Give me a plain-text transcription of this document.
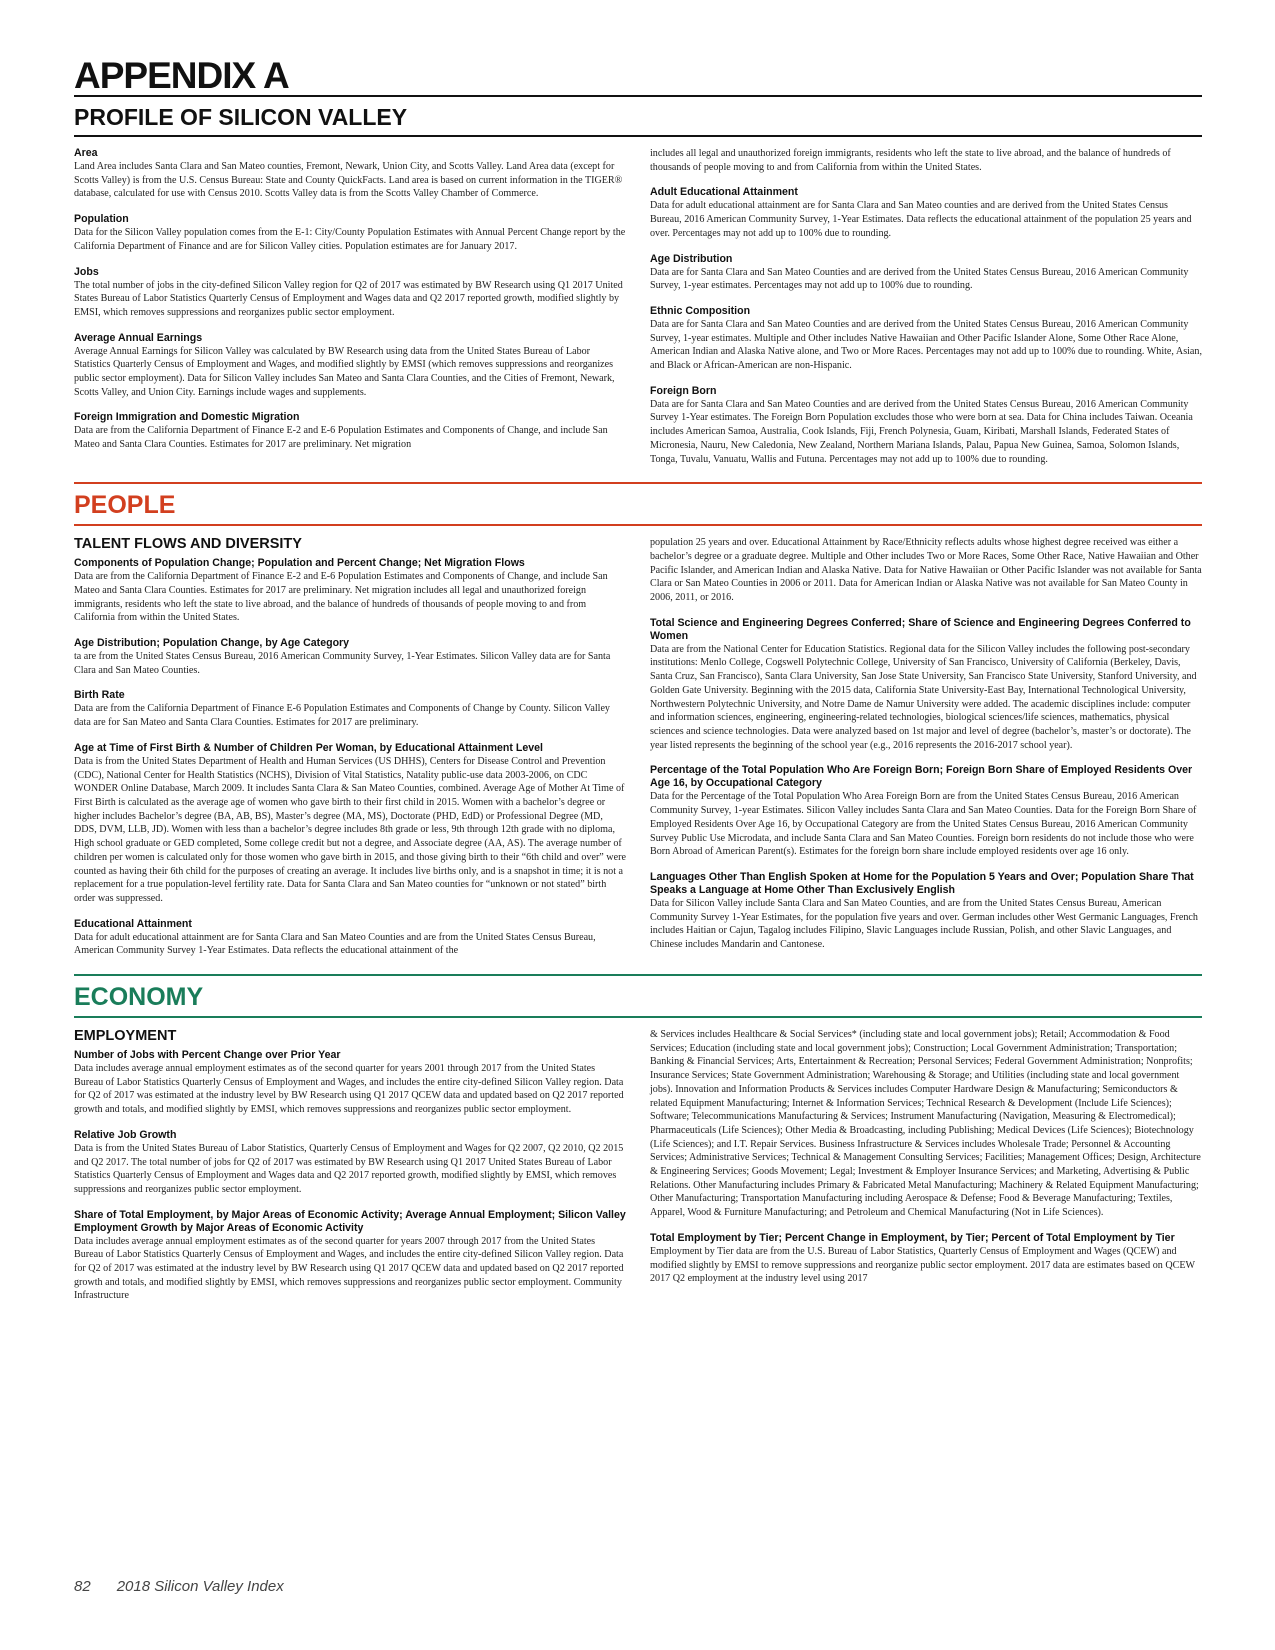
APPENDIX A
PROFILE OF SILICON VALLEY
Area

Land Area includes Santa Clara and San Mateo counties, Fremont, Newark, Union City, and Scotts Valley. Land Area data (except for Scotts Valley) is from the U.S. Census Bureau: State and County QuickFacts. Land area is based on current information in the TIGER® database, calculated for use with Census 2010. Scotts Valley data is from the Scotts Valley Chamber of Commerce.

Population

Data for the Silicon Valley population comes from the E-1: City/County Population Estimates with Annual Percent Change report by the California Department of Finance and are for Silicon Valley cities. Population estimates are for January 2017.

Jobs

The total number of jobs in the city-defined Silicon Valley region for Q2 of 2017 was estimated by BW Research using Q1 2017 United States Bureau of Labor Statistics Quarterly Census of Employment and Wages data and Q2 2017 reported growth, modified slightly by EMSI, which removes suppressions and reorganizes public sector employment.

Average Annual Earnings

Average Annual Earnings for Silicon Valley was calculated by BW Research using data from the United States Bureau of Labor Statistics Quarterly Census of Employment and Wages, and modified slightly by EMSI (which removes suppressions and reorganizes public sector employment). Data for Silicon Valley includes San Mateo and Santa Clara Counties, and the Cities of Fremont, Newark, Scotts Valley, and Union City. Earnings include wages and supplements.

Foreign Immigration and Domestic Migration

Data are from the California Department of Finance E-2 and E-6 Population Estimates and Components of Change, and include San Mateo and Santa Clara Counties. Estimates for 2017 are preliminary. Net migration

includes all legal and unauthorized foreign immigrants, residents who left the state to live abroad, and the balance of hundreds of thousands of people moving to and from California from within the United States.

Adult Educational Attainment

Data for adult educational attainment are for Santa Clara and San Mateo counties and are derived from the United States Census Bureau, 2016 American Community Survey, 1-Year Estimates. Data reflects the educational attainment of the population 25 years and over. Percentages may not add up to 100% due to rounding.

Age Distribution

Data are for Santa Clara and San Mateo Counties and are derived from the United States Census Bureau, 2016 American Community Survey, 1-year estimates. Percentages may not add up to 100% due to rounding.

Ethnic Composition

Data are for Santa Clara and San Mateo Counties and are derived from the United States Census Bureau, 2016 American Community Survey, 1-year estimates. Multiple and Other includes Native Hawaiian and Other Pacific Islander Alone, Some Other Race Alone, American Indian and Alaska Native alone, and Two or More Races. Percentages may not add up to 100% due to rounding. White, Asian, and Black or African-American are non-Hispanic.

Foreign Born

Data are for Santa Clara and San Mateo Counties and are derived from the United States Census Bureau, 2016 American Community Survey 1-Year estimates. The Foreign Born Population excludes those who were born at sea. Data for China includes Taiwan. Oceania includes American Samoa, Australia, Cook Islands, Fiji, French Polynesia, Guam, Kiribati, Marshall Islands, Federated States of Micronesia, Nauru, New Caledonia, New Zealand, Northern Mariana Islands, Palau, Papua New Guinea, Samoa, Solomon Islands, Tonga, Tuvalu, Vanuatu, Wallis and Futuna. Percentages may not add up to 100% due to rounding.

PEOPLE
TALENT FLOWS AND DIVERSITY
Components of Population Change; Population and Percent Change; Net Migration Flows

Data are from the California Department of Finance E-2 and E-6 Population Estimates and Components of Change, and include San Mateo and Santa Clara Counties. Estimates for 2017 are preliminary. Net migration includes all legal and unauthorized foreign immigrants, residents who left the state to live abroad, and the balance of hundreds of thousands of people moving to and from California from within the United States.

Age Distribution; Population Change, by Age Category

ta are from the United States Census Bureau, 2016 American Community Survey, 1-Year Estimates. Silicon Valley data are for Santa Clara and San Mateo Counties.

Birth Rate

Data are from the California Department of Finance E-6 Population Estimates and Components of Change by County. Silicon Valley data are for San Mateo and Santa Clara Counties. Estimates for 2017 are preliminary.

Age at Time of First Birth & Number of Children Per Woman, by Educational Attainment Level

Data is from the United States Department of Health and Human Services (US DHHS), Centers for Disease Control and Prevention (CDC), National Center for Health Statistics (NCHS), Division of Vital Statistics, Natality public-use data 2003-2006, on CDC WONDER Online Database, March 2009. It includes Santa Clara & San Mateo Counties, combined. Average Age of Mother At Time of First Birth is calculated as the average age of women who gave birth to their first child in 2015. Women with a bachelor’s degree or higher includes Bachelor’s degree (BA, AB, BS), Master’s degree (MA, MS), Doctorate (PHD, EdD) or Professional Degree (MD, DDS, DVM, LLB, JD). Women with less than a bachelor’s degree includes 8th grade or less, 9th through 12th grade with no diploma, High school graduate or GED completed, Some college credit but not a degree, and Associate degree (AA, AS). The average number of children per women is calculated only for those women who gave birth in 2015, and those giving birth to their “6th child and over” were counted as having their 6th child for the purposes of creating an average. It includes live births only, and is a snapshot in time; it is not a replacement for a true population-level fertility rate. Data for Santa Clara and San Mateo counties for “unknown or not stated” birth order was suppressed.

Educational Attainment

Data for adult educational attainment are for Santa Clara and San Mateo Counties and are from the United States Census Bureau, American Community Survey 1-Year Estimates. Data reflects the educational attainment of the

population 25 years and over. Educational Attainment by Race/Ethnicity reflects adults whose highest degree received was either a bachelor’s degree or a graduate degree. Multiple and Other includes Two or More Races, Some Other Race, Native Hawaiian and Other Pacific Islander, and American Indian and Alaska Native. Data for Native Hawaiian or Other Pacific Islander was not available for Santa Clara or San Mateo Counties in 2006 or 2011. Data for American Indian or Alaska Native was not available for San Mateo County in 2006, 2011, or 2016.

Total Science and Engineering Degrees Conferred; Share of Science and Engineering Degrees Conferred to Women

Data are from the National Center for Education Statistics. Regional data for the Silicon Valley includes the following post-secondary institutions: Menlo College, Cogswell Polytechnic College, University of San Francisco, University of California (Berkeley, Davis, Santa Cruz, San Francisco), Santa Clara University, San Jose State University, San Francisco State University, Stanford University, and Golden Gate University. Beginning with the 2015 data, California State University-East Bay, International Technological University, Northwestern Polytechnic University, and Notre Dame de Namur University were added. The academic disciplines include: computer and information sciences, engineering, engineering-related technologies, biological sciences/life sciences, mathematics, physical sciences and science technologies. Data were analyzed based on 1st major and level of degree (bachelor’s, master’s or doctorate). The year listed represents the beginning of the school year (e.g., 2016 represents the 2016-2017 school year).

Percentage of the Total Population Who Are Foreign Born; Foreign Born Share of Employed Residents Over Age 16, by Occupational Category

Data for the Percentage of the Total Population Who Area Foreign Born are from the United States Census Bureau, 2016 American Community Survey, 1-year Estimates. Silicon Valley includes Santa Clara and San Mateo Counties. Data for the Foreign Born Share of Employed Residents Over Age 16, by Occupational Category are from the United States Census Bureau, 2016 American Community Survey Public Use Microdata, and include Santa Clara and San Mateo Counties. Foreign born residents do not include those who were Born Abroad of American Parent(s). Estimates for the foreign born share include employed residents over age 16 only.

Languages Other Than English Spoken at Home for the Population 5 Years and Over; Population Share That Speaks a Language at Home Other Than Exclusively English

Data for Silicon Valley include Santa Clara and San Mateo Counties, and are from the United States Census Bureau, American Community Survey 1-Year Estimates, for the population five years and over. German includes other West Germanic Languages, French includes Haitian or Cajun, Tagalog includes Filipino, Slavic Languages include Russian, Polish, and other Slavic Languages, and Chinese includes Mandarin and Cantonese.

ECONOMY
EMPLOYMENT
Number of Jobs with Percent Change over Prior Year

Data includes average annual employment estimates as of the second quarter for years 2001 through 2017 from the United States Bureau of Labor Statistics Quarterly Census of Employment and Wages, and includes the entire city-defined Silicon Valley region. Data for Q2 of 2017 was estimated at the industry level by BW Research using Q1 2017 QCEW data and updated based on Q2 2017 reported growth and totals, and modified slightly by EMSI, which removes suppressions and reorganizes public sector employment.

Relative Job Growth

Data is from the United States Bureau of Labor Statistics, Quarterly Census of Employment and Wages for Q2 2007, Q2 2010, Q2 2015 and Q2 2017. The total number of jobs for Q2 of 2017 was estimated by BW Research using Q1 2017 United States Bureau of Labor Statistics Quarterly Census of Employment and Wages data and Q2 2017 reported growth, modified slightly by EMSI, which removes suppressions and reorganizes public sector employment.

Share of Total Employment, by Major Areas of Economic Activity; Average Annual Employment; Silicon Valley Employment Growth by Major Areas of Economic Activity

Data includes average annual employment estimates as of the second quarter for years 2007 through 2017 from the United States Bureau of Labor Statistics Quarterly Census of Employment and Wages, and includes the entire city-defined Silicon Valley region. Data for Q2 of 2017 was estimated at the industry level by BW Research using Q1 2017 QCEW data and updated based on Q2 2017 reported growth and totals, and modified slightly by EMSI, which removes suppressions and reorganizes public sector employment. Community Infrastructure

& Services includes Healthcare & Social Services* (including state and local government jobs); Retail; Accommodation & Food Services; Education (including state and local government jobs); Construction; Local Government Administration; Transportation; Banking & Financial Services; Arts, Entertainment & Recreation; Personal Services; Federal Government Administration; Nonprofits; Insurance Services; State Government Administration; Warehousing & Storage; and Utilities (including state and local government jobs). Innovation and Information Products & Services includes Computer Hardware Design & Manufacturing; Semiconductors & related Equipment Manufacturing; Internet & Information Services; Technical Research & Development (Include Life Sciences); Software; Telecommunications Manufacturing & Services; Instrument Manufacturing (Navigation, Measuring & Electromedical); Pharmaceuticals (Life Sciences); Other Media & Broadcasting, including Publishing; Medical Devices (Life Sciences); Biotechnology (Life Sciences); and I.T. Repair Services. Business Infrastructure & Services includes Wholesale Trade; Personnel & Accounting Services; Administrative Services; Technical & Management Consulting Services; Facilities; Management Offices; Design, Architecture & Engineering Services; Goods Movement; Legal; Investment & Employer Insurance Services; and Marketing, Advertising & Public Relations. Other Manufacturing includes Primary & Fabricated Metal Manufacturing; Machinery & Related Equipment Manufacturing; Other Manufacturing; Transportation Manufacturing including Aerospace & Defense; Food & Beverage Manufacturing; Textiles, Apparel, Wood & Furniture Manufacturing; and Petroleum and Chemical Manufacturing (Not in Life Sciences).

Total Employment by Tier; Percent Change in Employment, by Tier; Percent of Total Employment by Tier

Employment by Tier data are from the U.S. Bureau of Labor Statistics, Quarterly Census of Employment and Wages (QCEW) and modified slightly by EMSI to remove suppressions and reorganize public sector employment. 2017 data are estimates based on QCEW 2017 Q2 employment at the industry level using 2017

82 2018 Silicon Valley Index
